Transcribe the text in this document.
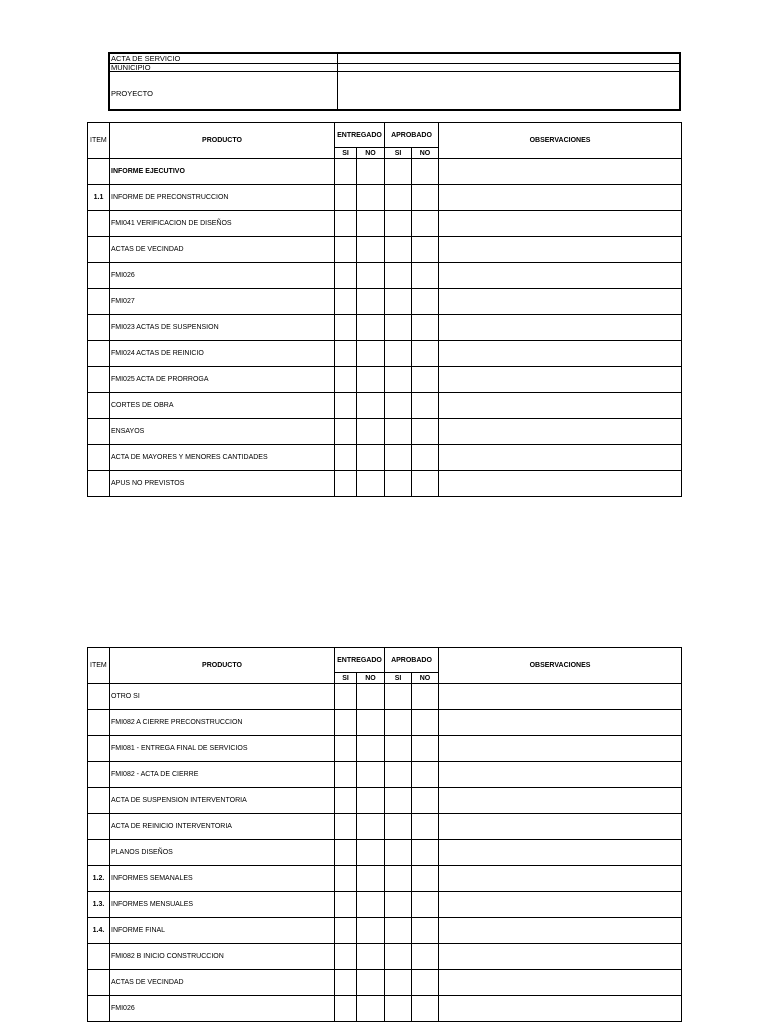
ACTA DE SERVICIO
MUNICIPIO
PROYECTO
ITEM	PRODUCTO	ENTREGADO		APROBADO		OBSERVACIONES
		SI	NO	SI	NO	
	INFORME EJECUTIVO					
1.1	INFORME DE PRECONSTRUCCION					
	FMI041 VERIFICACION DE DISEÑOS					
	ACTAS DE VECINDAD					
	FMI026					
	FMI027					
	FMI023 ACTAS DE SUSPENSION					
	FMI024 ACTAS DE REINICIO					
	FMI025 ACTA DE PRORROGA					
	CORTES DE OBRA					
	ENSAYOS					
	ACTA DE MAYORES Y MENORES CANTIDADES					
	APUS NO PREVISTOS					
ITEM	PRODUCTO	ENTREGADO		APROBADO		OBSERVACIONES
		SI	NO	SI	NO	
	OTRO SI					
	FMI082 A CIERRE PRECONSTRUCCION					
	FMI081 - ENTREGA FINAL DE SERVICIOS					
	FMI082 - ACTA DE CIERRE					
	ACTA DE SUSPENSION INTERVENTORIA					
	ACTA DE REINICIO INTERVENTORIA					
	PLANOS DISEÑOS					
1.2.	INFORMES SEMANALES					
1.3.	INFORMES MENSUALES					
1.4.	INFORME FINAL					
	FMI082 B INICIO CONSTRUCCION					
	ACTAS DE VECINDAD					
	FMI026					
